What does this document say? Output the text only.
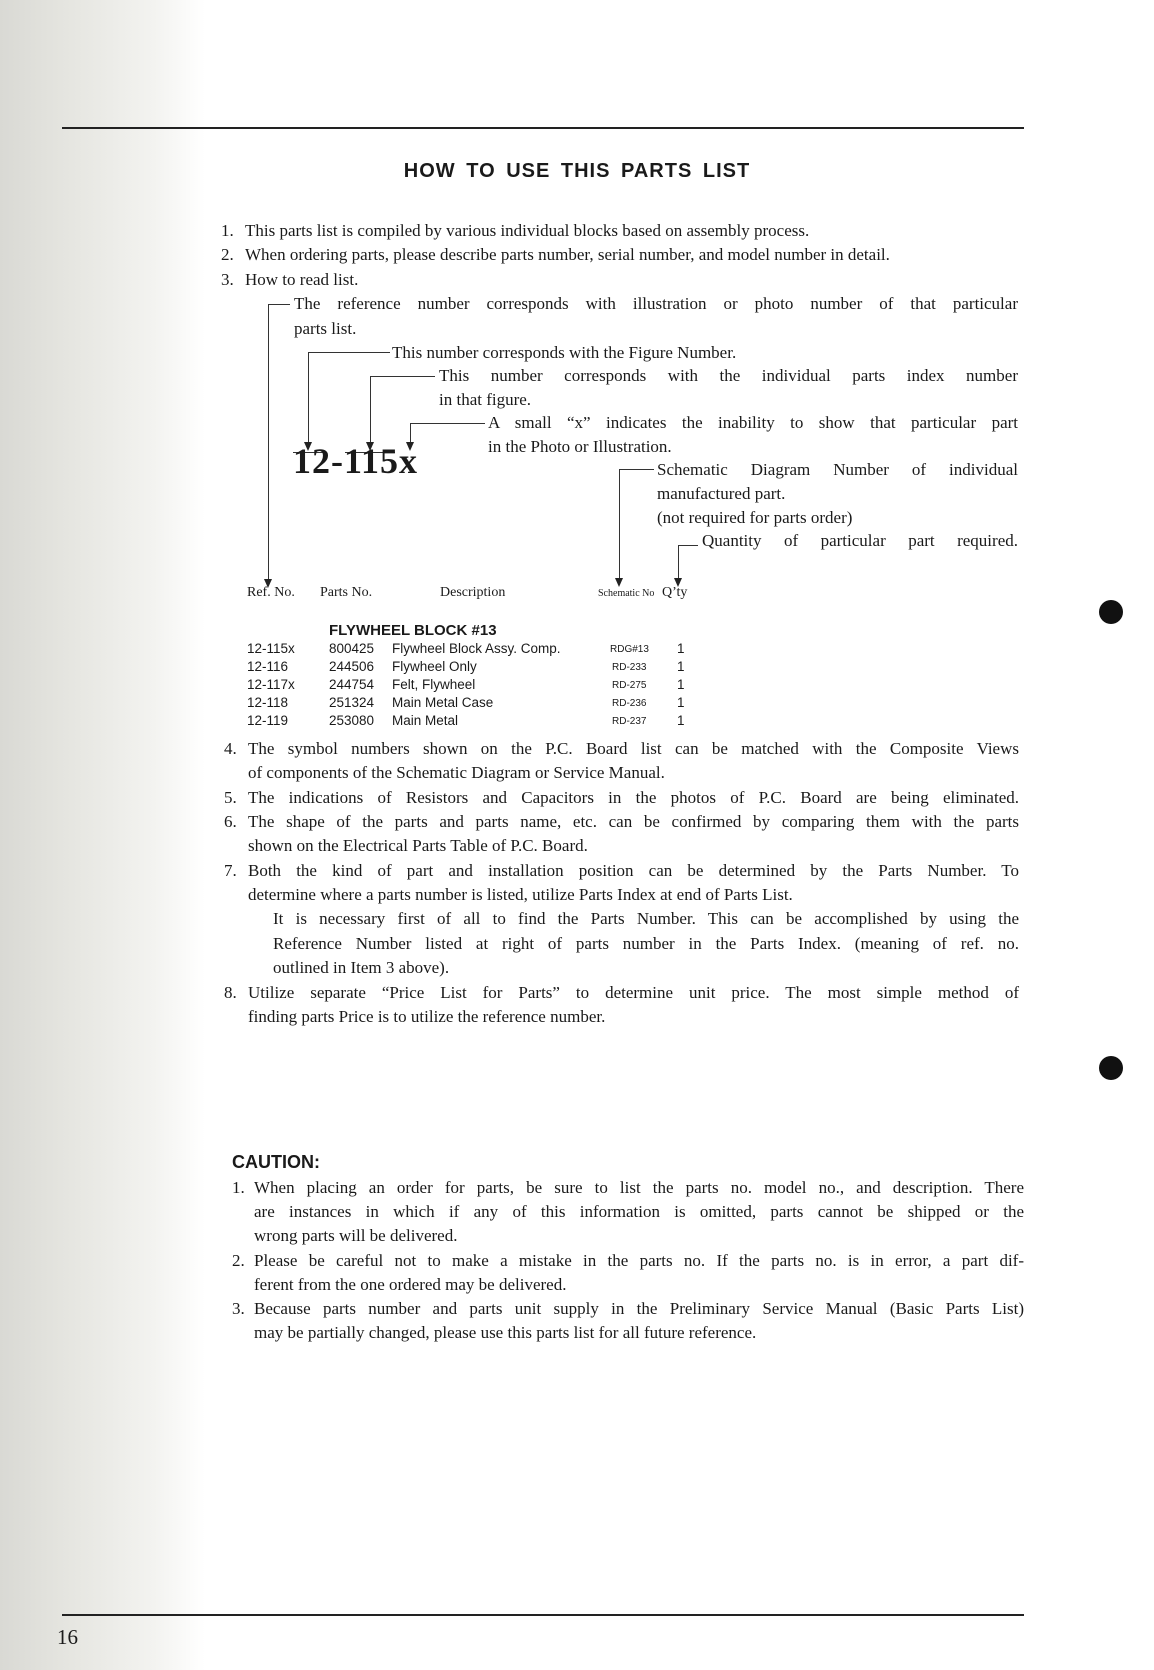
HOW TO USE THIS PARTS LIST
1. This parts list is compiled by various individual blocks based on assembly process.
2. When ordering parts, please describe parts number, serial number, and model number in detail.
3. How to read list.
The reference number corresponds with illustration or photo number of that particular
parts list.
This number corresponds with the Figure Number.
This number corresponds with the individual parts index number
in that figure.
A small “x” indicates the inability to show that particular part
in the Photo or Illustration.
Schematic Diagram Number of individual
manufactured part.
(not required for parts order)
Quantity of particular part required.
12-115x
Ref. No. Parts No.	Description	Schematic No Q’ty
FLYWHEEL BLOCK #13
12-115x	800425 Flywheel Block Assy. Comp.	RDG#13 1
12-116	244506 Flywheel Only	RD-233 1
12-117x	244754 Felt, Flywheel	RD-275 1
12-118	251324 Main Metal Case	RD-236 1
12-119	253080 Main Metal	RD-237 1
4. The symbol numbers shown on the P.C. Board list can be matched with the Composite Views
of components of the Schematic Diagram or Service Manual.
5. The indications of Resistors and Capacitors in the photos of P.C. Board are being eliminated.
6. The shape of the parts and parts name, etc. can be confirmed by comparing them with the parts
shown on the Electrical Parts Table of P.C. Board.
7. Both the kind of part and installation position can be determined by the Parts Number. To
determine where a parts number is listed, utilize Parts Index at end of Parts List.
It is necessary first of all to find the Parts Number. This can be accomplished by using the
Reference Number listed at right of parts number in the Parts Index. (meaning of ref. no.
outlined in Item 3 above).
8. Utilize separate “Price List for Parts” to determine unit price. The most simple method of
finding parts Price is to utilize the reference number.
CAUTION:
1. When placing an order for parts, be sure to list the parts no. model no., and description. There
are instances in which if any of this information is omitted, parts cannot be shipped or the
wrong parts will be delivered.
2. Please be careful not to make a mistake in the parts no. If the parts no. is in error, a part dif-
ferent from the one ordered may be delivered.
3. Because parts number and parts unit supply in the Preliminary Service Manual (Basic Parts List)
may be partially changed, please use this parts list for all future reference.
16
